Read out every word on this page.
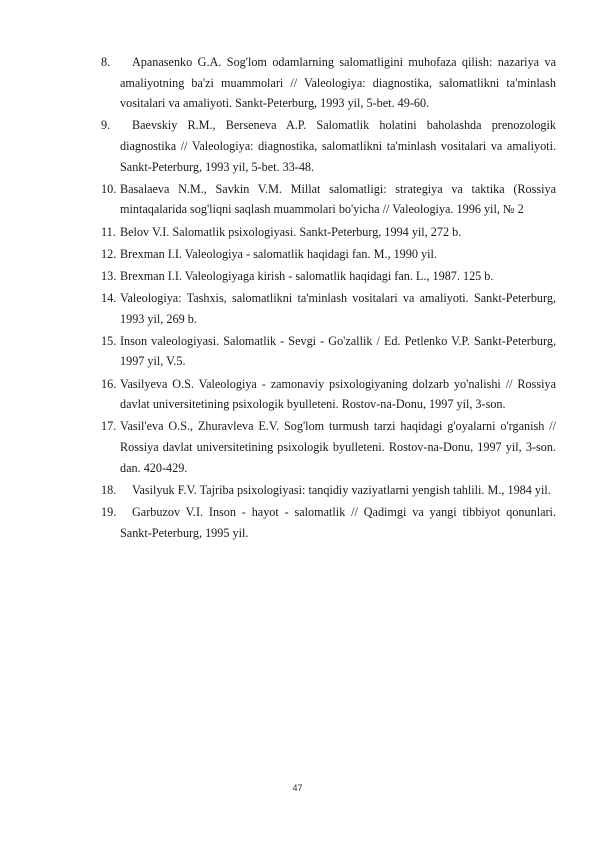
8.	Apanasenko G.A. Sog'lom odamlarning salomatligini muhofaza qilish: nazariya va amaliyotning ba'zi muammolari // Valeologiya: diagnostika, salomatlikni ta'minlash vositalari va amaliyoti. Sankt-Peterburg, 1993 yil, 5-bet. 49-60.
9.	Baevskiy R.M., Berseneva A.P. Salomatlik holatini baholashda prenozologik diagnostika // Valeologiya: diagnostika, salomatlikni ta'minlash vositalari va amaliyoti. Sankt-Peterburg, 1993 yil, 5-bet. 33-48.
10. Basalaeva N.M., Savkin V.M. Millat salomatligi: strategiya va taktika (Rossiya mintaqalarida sog'liqni saqlash muammolari bo'yicha // Valeologiya. 1996 yil, № 2
11. Belov V.I. Salomatlik psixologiyasi. Sankt-Peterburg, 1994 yil, 272 b.
12. Brexman I.I. Valeologiya - salomatlik haqidagi fan. M., 1990 yil.
13. Brexman I.I. Valeologiyaga kirish - salomatlik haqidagi fan. L., 1987. 125 b.
14. Valeologiya: Tashxis, salomatlikni ta'minlash vositalari va amaliyoti. Sankt-Peterburg, 1993 yil, 269 b.
15. Inson valeologiyasi. Salomatlik - Sevgi - Go'zallik / Ed. Petlenko V.P. Sankt-Peterburg, 1997 yil, V.5.
16. Vasilyeva O.S. Valeologiya - zamonaviy psixologiyaning dolzarb yo'nalishi // Rossiya davlat universitetining psixologik byulleteni. Rostov-na-Donu, 1997 yil, 3-son.
17. Vasil'eva O.S., Zhuravleva E.V. Sog'lom turmush tarzi haqidagi g'oyalarni o'rganish // Rossiya davlat universitetining psixologik byulleteni. Rostov-na-Donu, 1997 yil, 3-son. dan. 420-429.
18.	Vasilyuk F.V. Tajriba psixologiyasi: tanqidiy vaziyatlarni yengish tahlili. M., 1984 yil.
19.	Garbuzov V.I. Inson - hayot - salomatlik // Qadimgi va yangi tibbiyot qonunlari. Sankt-Peterburg, 1995 yil.
47
